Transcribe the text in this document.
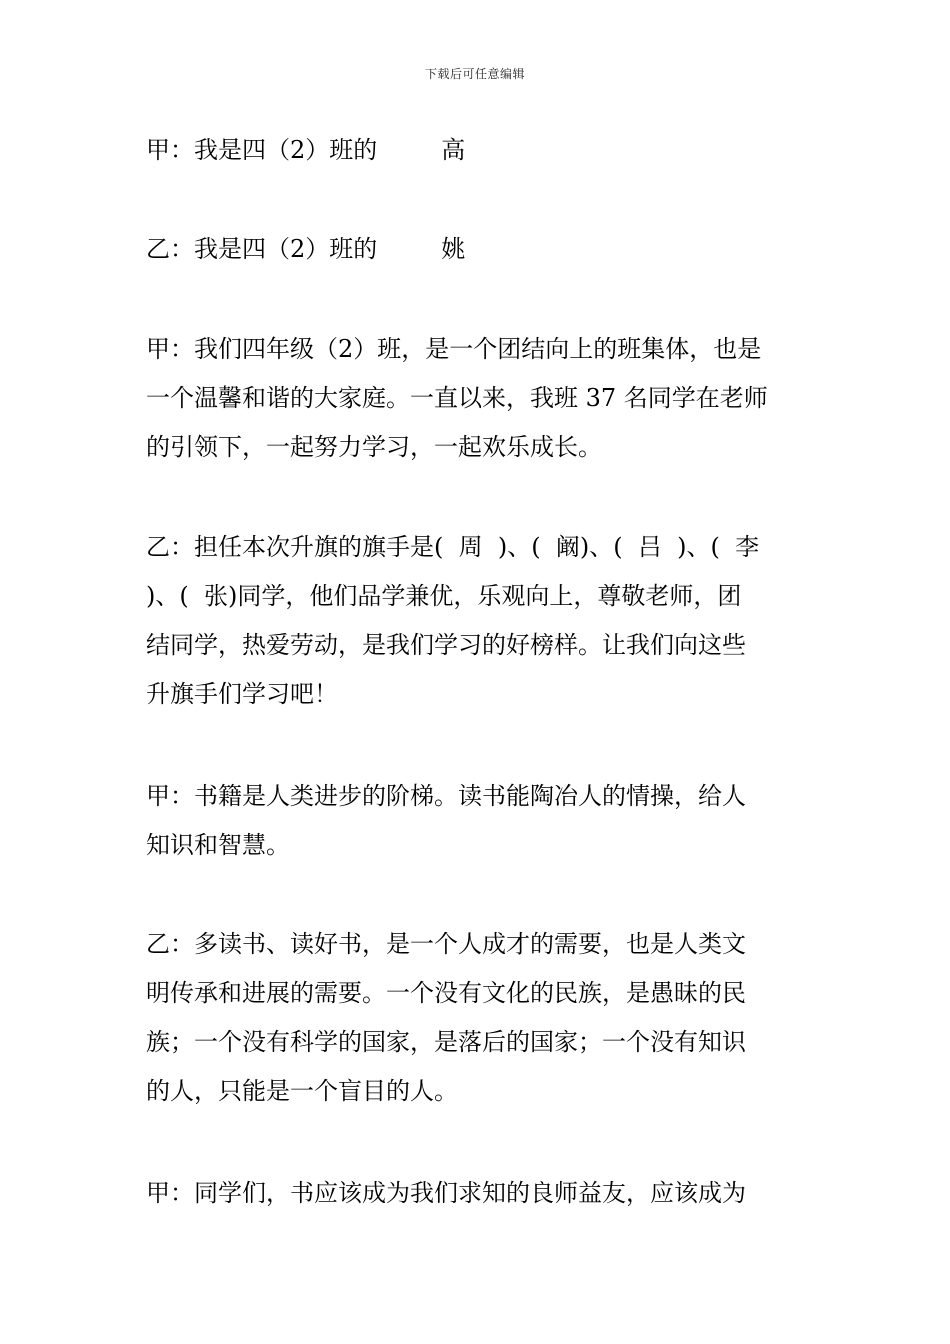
下载后可任意编辑

甲：我是四（2）班的	高

乙：我是四（2）班的	姚

甲：我们四年级（2）班，是一个团结向上的班集体，也是
一个温馨和谐的大家庭。一直以来，我班 37 名同学在老师
的引领下，一起努力学习，一起欢乐成长。

乙：担任本次升旗的旗手是(  周  )、(  阚)、(  吕  )、(  李
)、(  张)同学，他们品学兼优，乐观向上，尊敬老师，团
结同学，热爱劳动，是我们学习的好榜样。让我们向这些
升旗手们学习吧！

甲：书籍是人类进步的阶梯。读书能陶冶人的情操，给人
知识和智慧。

乙：多读书、读好书，是一个人成才的需要，也是人类文
明传承和进展的需要。一个没有文化的民族，是愚昧的民
族；一个没有科学的国家，是落后的国家；一个没有知识
的人，只能是一个盲目的人。

甲：同学们，书应该成为我们求知的良师益友，应该成为
